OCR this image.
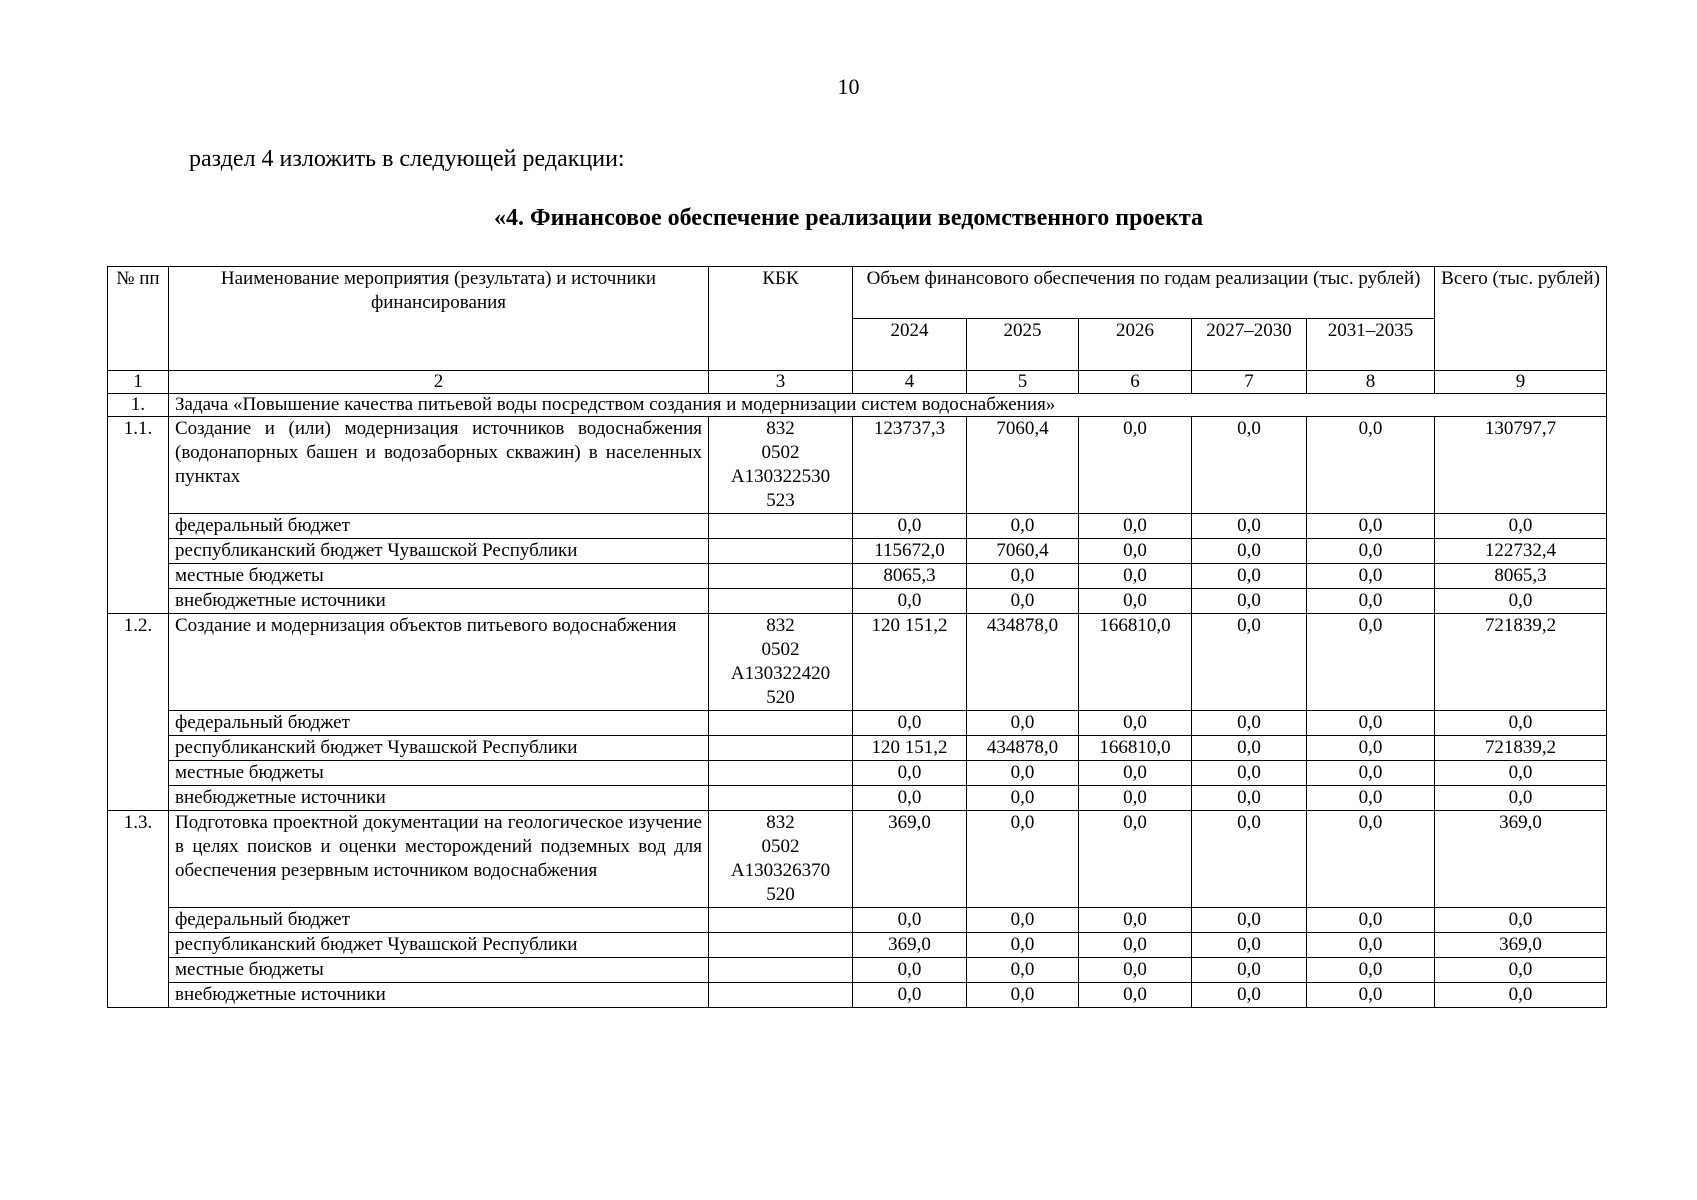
10
раздел 4 изложить в следующей редакции:
«4. Финансовое обеспечение реализации ведомственного проекта
№ пп	Наименование мероприятия (результата) и источники финансирования	КБК	Объем финансового обеспечения по годам реализации (тыс. рублей)					Всего (тыс. рублей)
			2024	2025	2026	2027–2030	2031–2035	
1	2	3	4	5	6	7	8	9
1.	Задача «Повышение качества питьевой воды посредством создания и модернизации систем водоснабжения»							
1.1.	Создание и (или) модернизация источников водоснабжения (водонапорных башен и водозаборных скважин) в населенных пунктах	832
0502
A130322530
523	123737,3	7060,4	0,0	0,0	0,0	130797,7
	федеральный бюджет		0,0	0,0	0,0	0,0	0,0	0,0
	республиканский бюджет Чувашской Республики		115672,0	7060,4	0,0	0,0	0,0	122732,4
	местные бюджеты		8065,3	0,0	0,0	0,0	0,0	8065,3
	внебюджетные источники		0,0	0,0	0,0	0,0	0,0	0,0
1.2.	Создание и модернизация объектов питьевого водоснабжения	832
0502
A130322420
520	120 151,2	434878,0	166810,0	0,0	0,0	721839,2
	федеральный бюджет		0,0	0,0	0,0	0,0	0,0	0,0
	республиканский бюджет Чувашской Республики		120 151,2	434878,0	166810,0	0,0	0,0	721839,2
	местные бюджеты		0,0	0,0	0,0	0,0	0,0	0,0
	внебюджетные источники		0,0	0,0	0,0	0,0	0,0	0,0
1.3.	Подготовка проектной документации на геологическое изучение в целях поисков и оценки месторождений подземных вод для обеспечения резервным источником водоснабжения	832
0502
A130326370
520	369,0	0,0	0,0	0,0	0,0	369,0
	федеральный бюджет		0,0	0,0	0,0	0,0	0,0	0,0
	республиканский бюджет Чувашской Республики		369,0	0,0	0,0	0,0	0,0	369,0
	местные бюджеты		0,0	0,0	0,0	0,0	0,0	0,0
	внебюджетные источники		0,0	0,0	0,0	0,0	0,0	0,0
